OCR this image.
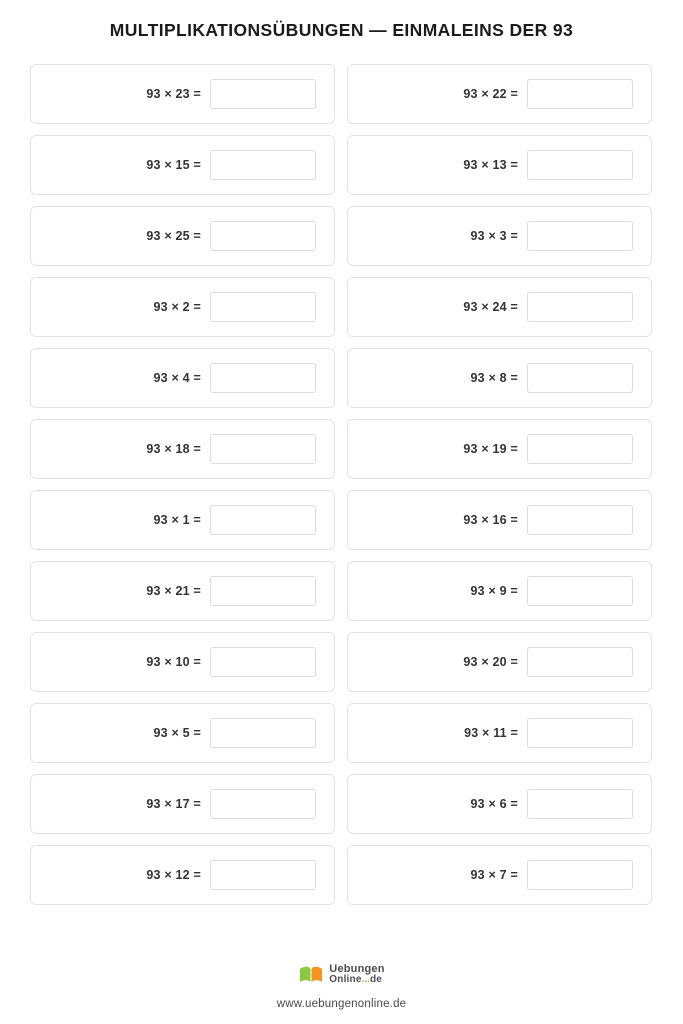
MULTIPLIKATIONSÜBUNGEN — EINMALEINS DER 93
93 × 23 =	93 × 22 =
93 × 15 =	93 × 13 =
93 × 25 =	93 × 3 =
93 × 2 =	93 × 24 =
93 × 4 =	93 × 8 =
93 × 18 =	93 × 19 =
93 × 1 =	93 × 16 =
93 × 21 =	93 × 9 =
93 × 10 =	93 × 20 =
93 × 5 =	93 × 11 =
93 × 17 =	93 × 6 =
93 × 12 =	93 × 7 =
Uebungen
Online...de
www.uebungenonline.de
